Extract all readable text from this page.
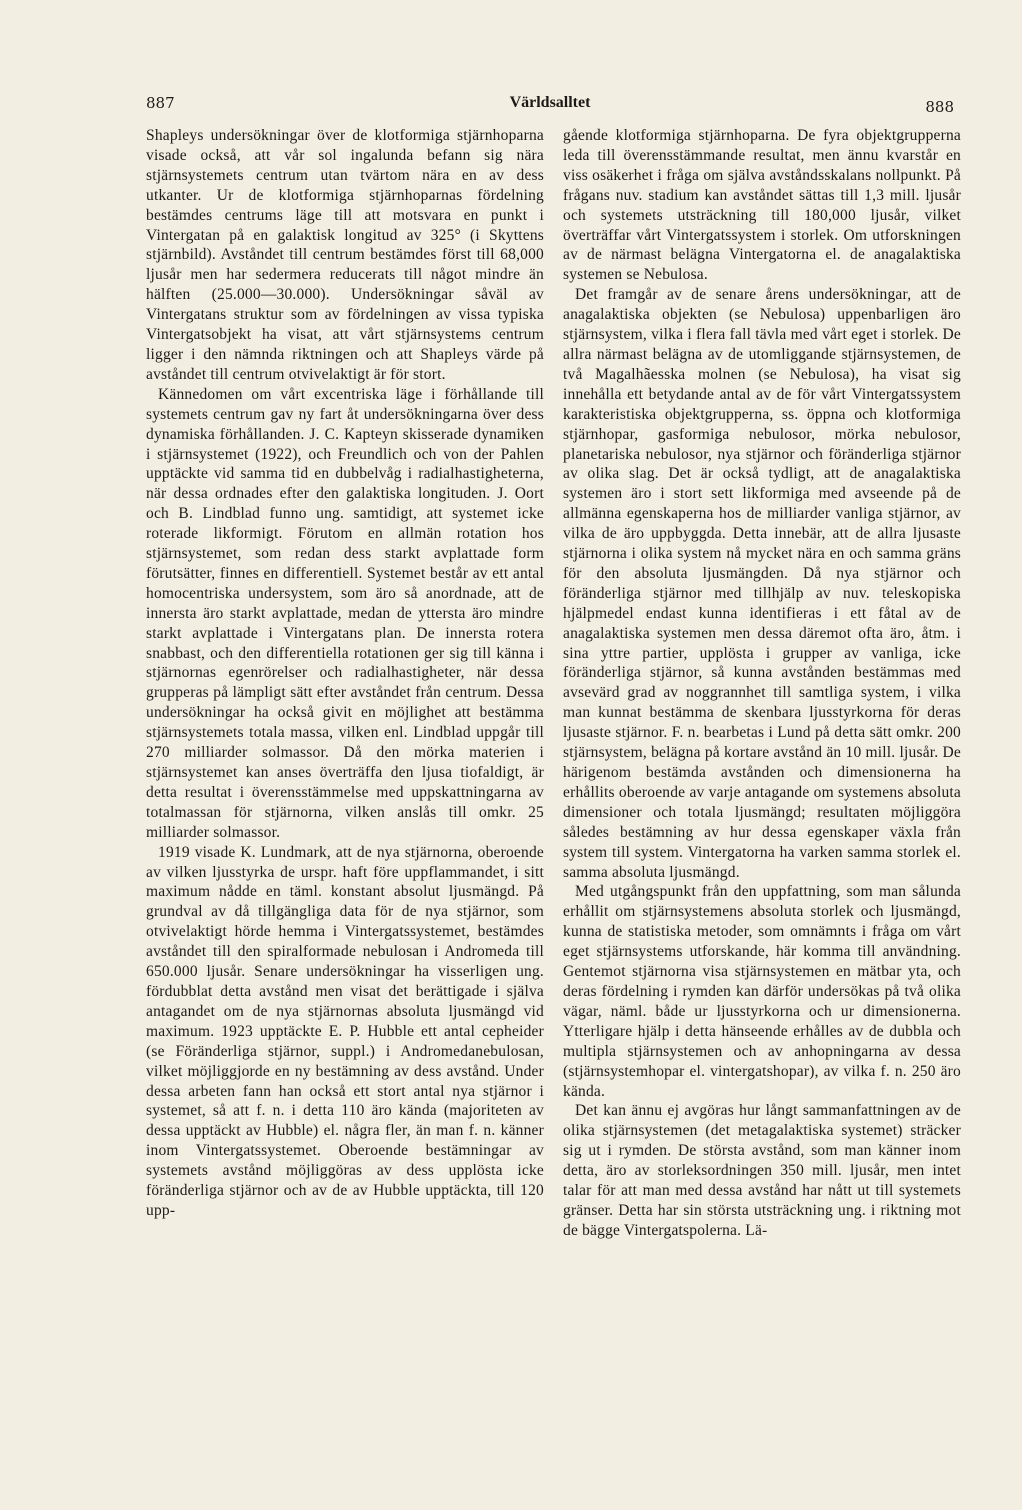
887	Världsalltet	888

Shapleys undersökningar över de klotformiga stjärnhoparna visade också, att vår sol ingalunda befann sig nära stjärnsystemets centrum utan tvärtom nära en av dess utkanter. Ur de klotformiga stjärnhoparnas fördelning bestämdes centrums läge till att motsvara en punkt i Vintergatan på en galaktisk longitud av 325° (i Skyttens stjärnbild). Avståndet till centrum bestämdes först till 68,000 ljusår men har sedermera reducerats till något mindre än hälften (25.000—30.000). Undersökningar såväl av Vintergatans struktur som av fördelningen av vissa typiska Vintergatsobjekt ha visat, att vårt stjärnsystems centrum ligger i den nämnda riktningen och att Shapleys värde på avståndet till centrum otvivelaktigt är för stort.

Kännedomen om vårt excentriska läge i förhållande till systemets centrum gav ny fart åt undersökningarna över dess dynamiska förhållanden. J. C. Kapteyn skisserade dynamiken i stjärnsystemet (1922), och Freundlich och von der Pahlen upptäckte vid samma tid en dubbelvåg i radialhastigheterna, när dessa ordnades efter den galaktiska longituden. J. Oort och B. Lindblad funno ung. samtidigt, att systemet icke roterade likformigt. Förutom en allmän rotation hos stjärnsystemet, som redan dess starkt avplattade form förutsätter, finnes en differentiell. Systemet består av ett antal homocentriska undersystem, som äro så anordnade, att de innersta äro starkt avplattade, medan de yttersta äro mindre starkt avplattade i Vintergatans plan. De innersta rotera snabbast, och den differentiella rotationen ger sig till känna i stjärnornas egenrörelser och radialhastigheter, när dessa grupperas på lämpligt sätt efter avståndet från centrum. Dessa undersökningar ha också givit en möjlighet att bestämma stjärnsystemets totala massa, vilken enl. Lindblad uppgår till 270 milliarder solmassor. Då den mörka materien i stjärnsystemet kan anses överträffa den ljusa tiofaldigt, är detta resultat i överensstämmelse med uppskattningarna av totalmassan för stjärnorna, vilken anslås till omkr. 25 milliarder solmassor.

1919 visade K. Lundmark, att de nya stjärnorna, oberoende av vilken ljusstyrka de urspr. haft före uppflammandet, i sitt maximum nådde en täml. konstant absolut ljusmängd. På grundval av då tillgängliga data för de nya stjärnor, som otvivelaktigt hörde hemma i Vintergatssystemet, bestämdes avståndet till den spiralformade nebulosan i Andromeda till 650.000 ljusår. Senare undersökningar ha visserligen ung. fördubblat detta avstånd men visat det berättigade i själva antagandet om de nya stjärnornas absoluta ljusmängd vid maximum. 1923 upptäckte E. P. Hubble ett antal cepheider (se Föränderliga stjärnor, suppl.) i Andromedanebulosan, vilket möjliggjorde en ny bestämning av dess avstånd. Under dessa arbeten fann han också ett stort antal nya stjärnor i systemet, så att f. n. i detta 110 äro kända (majoriteten av dessa upptäckt av Hubble) el. några fler, än man f. n. känner inom Vintergatssystemet. Oberoende bestämningar av systemets avstånd möjliggöras av dess upplösta icke föränderliga stjärnor och av de av Hubble upptäckta, till 120 upp-

gående klotformiga stjärnhoparna. De fyra objektgrupperna leda till överensstämmande resultat, men ännu kvarstår en viss osäkerhet i fråga om själva avståndsskalans nollpunkt. På frågans nuv. stadium kan avståndet sättas till 1,3 mill. ljusår och systemets utsträckning till 180,000 ljusår, vilket överträffar vårt Vintergatssystem i storlek. Om utforskningen av de närmast belägna Vintergatorna el. de anagalaktiska systemen se Nebulosa.

Det framgår av de senare årens undersökningar, att de anagalaktiska objekten (se Nebulosa) uppenbarligen äro stjärnsystem, vilka i flera fall tävla med vårt eget i storlek. De allra närmast belägna av de utomliggande stjärnsystemen, de två Magalhãesska molnen (se Nebulosa), ha visat sig innehålla ett betydande antal av de för vårt Vintergatssystem karakteristiska objektgrupperna, ss. öppna och klotformiga stjärnhopar, gasformiga nebulosor, mörka nebulosor, planetariska nebulosor, nya stjärnor och föränderliga stjärnor av olika slag. Det är också tydligt, att de anagalaktiska systemen äro i stort sett likformiga med avseende på de allmänna egenskaperna hos de milliarder vanliga stjärnor, av vilka de äro uppbyggda. Detta innebär, att de allra ljusaste stjärnorna i olika system nå mycket nära en och samma gräns för den absoluta ljusmängden. Då nya stjärnor och föränderliga stjärnor med tillhjälp av nuv. teleskopiska hjälpmedel endast kunna identifieras i ett fåtal av de anagalaktiska systemen men dessa däremot ofta äro, åtm. i sina yttre partier, upplösta i grupper av vanliga, icke föränderliga stjärnor, så kunna avstånden bestämmas med avsevärd grad av noggrannhet till samtliga system, i vilka man kunnat bestämma de skenbara ljusstyrkorna för deras ljusaste stjärnor. F. n. bearbetas i Lund på detta sätt omkr. 200 stjärnsystem, belägna på kortare avstånd än 10 mill. ljusår. De härigenom bestämda avstånden och dimensionerna ha erhållits oberoende av varje antagande om systemens absoluta dimensioner och totala ljusmängd; resultaten möjliggöra således bestämning av hur dessa egenskaper växla från system till system. Vintergatorna ha varken samma storlek el. samma absoluta ljusmängd.

Med utgångspunkt från den uppfattning, som man sålunda erhållit om stjärnsystemens absoluta storlek och ljusmängd, kunna de statistiska metoder, som omnämnts i fråga om vårt eget stjärnsystems utforskande, här komma till användning. Gentemot stjärnorna visa stjärnsystemen en mätbar yta, och deras fördelning i rymden kan därför undersökas på två olika vägar, näml. både ur ljusstyrkorna och ur dimensionerna. Ytterligare hjälp i detta hänseende erhålles av de dubbla och multipla stjärnsystemen och av anhopningarna av dessa (stjärnsystemhopar el. vintergatshopar), av vilka f. n. 250 äro kända.

Det kan ännu ej avgöras hur långt sammanfattningen av de olika stjärnsystemen (det metagalaktiska systemet) sträcker sig ut i rymden. De största avstånd, som man känner inom detta, äro av storleksordningen 350 mill. ljusår, men intet talar för att man med dessa avstånd har nått ut till systemets gränser. Detta har sin största utsträckning ung. i riktning mot de bägge Vintergatspolerna. Lä-
